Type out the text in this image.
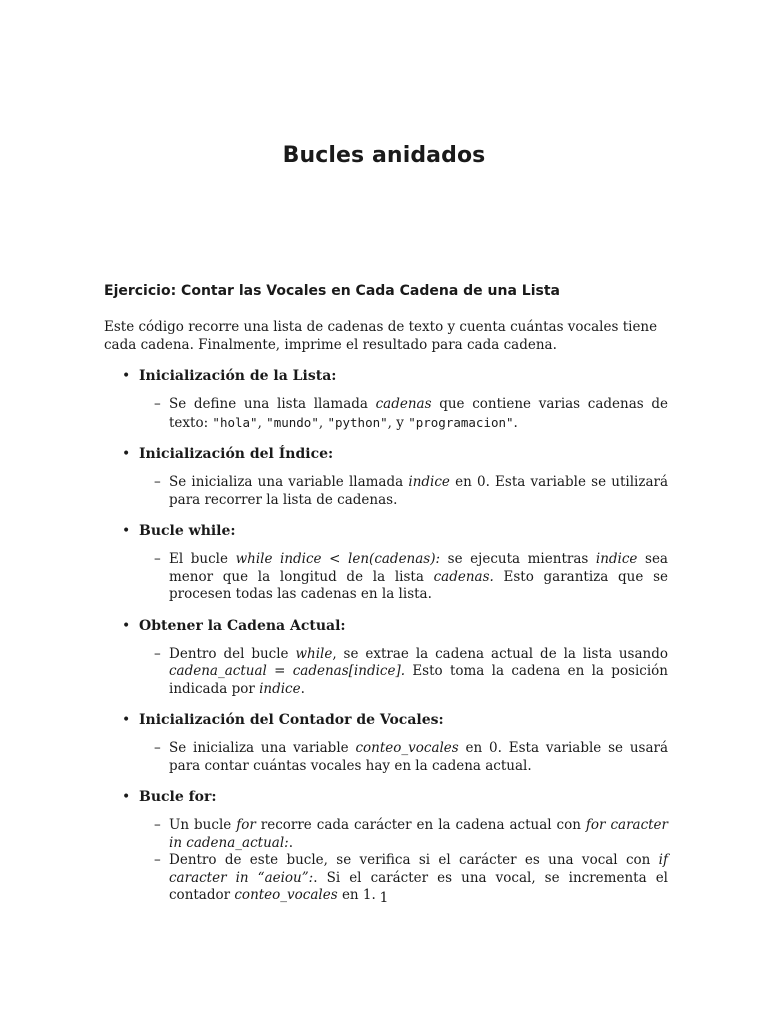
Bucles anidados
Ejercicio: Contar las Vocales en Cada Cadena de una Lista

Este código recorre una lista de cadenas de texto y cuenta cuántas vocales tiene cada cadena. Finalmente, imprime el resultado para cada cadena.

• Inicialización de la Lista:
– Se define una lista llamada cadenas que contiene varias cadenas de texto: "hola", "mundo", "python", y "programacion".
• Inicialización del Índice:
– Se inicializa una variable llamada indice en 0. Esta variable se utilizará para recorrer la lista de cadenas.
• Bucle while:
– El bucle while indice < len(cadenas): se ejecuta mientras indice sea menor que la longitud de la lista cadenas. Esto garantiza que se procesen todas las cadenas en la lista.
• Obtener la Cadena Actual:
– Dentro del bucle while, se extrae la cadena actual de la lista usando cadena_actual = cadenas[indice]. Esto toma la cadena en la posición indicada por indice.
• Inicialización del Contador de Vocales:
– Se inicializa una variable conteo_vocales en 0. Esta variable se usará para contar cuántas vocales hay en la cadena actual.
• Bucle for:
– Un bucle for recorre cada carácter en la cadena actual con for caracter in cadena_actual:.
– Dentro de este bucle, se verifica si el carácter es una vocal con if caracter in “aeiou”:. Si el carácter es una vocal, se incrementa el contador conteo_vocales en 1. 1
